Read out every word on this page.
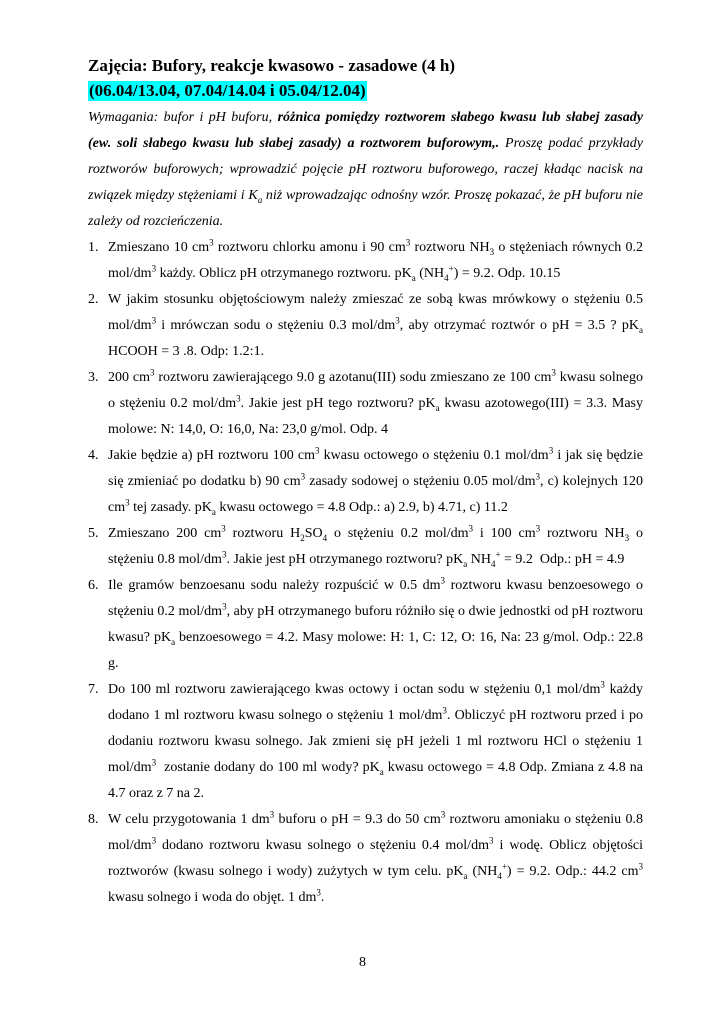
Zajęcia: Bufory, reakcje kwasowo - zasadowe (4 h)
(06.04/13.04, 07.04/14.04 i 05.04/12.04)

Wymagania: bufor i pH buforu, różnica pomiędzy roztworem słabego kwasu lub słabej zasady (ew. soli słabego kwasu lub słabej zasady) a roztworem buforowym,. Proszę podać przykłady roztworów buforowych; wprowadzić pojęcie pH roztworu buforowego, raczej kładąc nacisk na związek między stężeniami i $K_a$ niż wprowadzając odnośny wzór. Proszę pokazać, że pH buforu nie zależy od rozcieńczenia.

1. Zmieszano 10 $cm^3$ roztworu chlorku amonu i 90 $cm^3$ roztworu $NH_3$ o stężeniach równych 0.2 mol/$dm^3$ każdy. Oblicz pH otrzymanego roztworu. $pK_a$ $(NH_4^+) = 9.2$. Odp. 10.15
2. W jakim stosunku objętościowym należy zmieszać ze sobą kwas mrówkowy o stężeniu 0.5 mol/$dm^3$ i mrówczan sodu o stężeniu 0.3 mol/$dm^3$, aby otrzymać roztwór o pH = 3.5 ? $pK_a$ HCOOH = 3 .8. Odp: 1.2:1.
3. 200 $cm^3$ roztworu zawierającego 9.0 g azotanu(III) sodu zmieszano ze 100 $cm^3$ kwasu solnego o stężeniu 0.2 mol/$dm^3$. Jakie jest pH tego roztworu? $pK_a$ kwasu azotowego(III) = 3.3. Masy molowe: N: 14,0, O: 16,0, Na: 23,0 g/mol. Odp. 4
4. Jakie będzie a) pH roztworu 100 $cm^3$ kwasu octowego o stężeniu 0.1 mol/$dm^3$ i jak się będzie się zmieniać po dodatku b) 90 $cm^3$ zasady sodowej o stężeniu 0.05 mol/$dm^3$, c) kolejnych 120 $cm^3$ tej zasady. $pK_a$ kwasu octowego = 4.8 Odp.: a) 2.9, b) 4.71, c) 11.2
5. Zmieszano 200 $cm^3$ roztworu $H_2SO_4$ o stężeniu 0.2 mol/$dm^3$ i 100 $cm^3$ roztworu $NH_3$ o stężeniu 0.8 mol/$dm^3$. Jakie jest pH otrzymanego roztworu? $pK_a$ $NH_4^+ = 9.2$  Odp.: pH = 4.9
6. Ile gramów benzoesanu sodu należy rozpuścić w 0.5 $dm^3$ roztworu kwasu benzoesowego o stężeniu 0.2 mol/$dm^3$, aby pH otrzymanego buforu różniło się o dwie jednostki od pH roztworu kwasu? $pK_a$ benzoesowego = 4.2. Masy molowe: H: 1, C: 12, O: 16, Na: 23 g/mol. Odp.: 22.8 g.
7. Do 100 ml roztworu zawierającego kwas octowy i octan sodu w stężeniu 0,1 mol/$dm^3$ każdy dodano 1 ml roztworu kwasu solnego o stężeniu 1 mol/$dm^3$. Obliczyć pH roztworu przed i po dodaniu roztworu kwasu solnego. Jak zmieni się pH jeżeli 1 ml roztworu HCl o stężeniu 1 mol/$dm^3$  zostanie dodany do 100 ml wody? $pK_a$ kwasu octowego = 4.8 Odp. Zmiana z 4.8 na 4.7 oraz z 7 na 2.
8. W celu przygotowania 1 $dm^3$ buforu o pH = 9.3 do 50 $cm^3$ roztworu amoniaku o stężeniu 0.8 mol/$dm^3$ dodano roztworu kwasu solnego o stężeniu 0.4 mol/$dm^3$ i wodę. Oblicz objętości roztworów (kwasu solnego i wody) zużytych w tym celu. $pK_a$ $(NH_4^+) = 9.2$. Odp.: 44.2 $cm^3$ kwasu solnego i woda do objęt. 1 $dm^3$.
8
